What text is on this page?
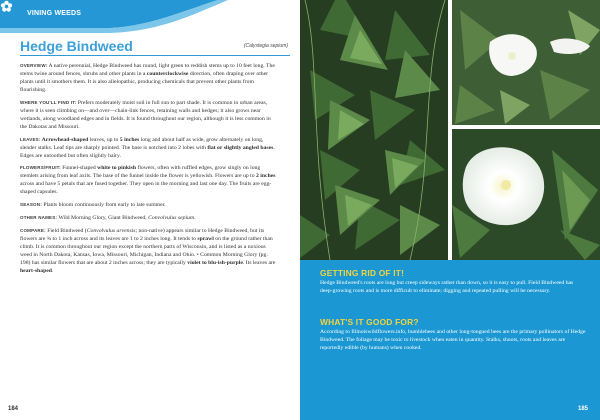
VINING WEEDS
Hedge Bindweed	(Calystegia sepium)

OVERVIEW: A native perennial, Hedge Bindweed has round, light green to reddish stems up to 10 feet long. The stems twine around fences, shrubs and other plants in a counterclockwise direction, often draping over other plants until it smothers them. It is also allelopathic, producing chemicals that prevent other plants from flourishing.

WHERE YOU'LL FIND IT: Prefers moderately moist soil in full sun to part shade. It is common in urban areas, where it is seen climbing on—and over—chain-link fences, retaining walls and hedges; it also grows near wetlands, along woodland edges and in fields. It is found throughout our region, although it is less common in the Dakotas and Missouri.

LEAVES: Arrowhead-shaped leaves, up to 5 inches long and about half as wide, grow alternately on long, slender stalks. Leaf tips are sharply pointed. The base is notched into 2 lobes with flat or slightly angled bases. Edges are untoothed but often slightly hairy.

FLOWERS/FRUIT: Funnel-shaped white to pinkish flowers, often with ruffled edges, grow singly on long stemlets arising from leaf axils. The base of the funnel inside the flower is yellowish. Flowers are up to 2 inches across and have 5 petals that are fused together. They open in the morning and last one day. The fruits are egg-shaped capsules.

SEASON: Plants bloom continuously from early to late summer.

OTHER NAMES: Wild Morning Glory, Giant Bindweed, Convolvulus sepium.

COMPARE: Field Bindweed (Convolvulus arvensis; non-native) appears similar to Hedge Bindweed, but its flowers are ¾ to 1 inch across and its leaves are 1 to 2 inches long. It tends to sprawl on the ground rather than climb. It is common throughout our region except the northern parts of Wisconsin, and is listed as a noxious weed in North Dakota, Kansas, Iowa, Missouri, Michigan, Indiana and Ohio. • Common Morning Glory (pg. 198) has similar flowers that are about 2 inches across; they are typically violet to blu-ish-purple. Its leaves are heart-shaped.

184
GETTING RID OF IT!

Hedge Bindweed's roots are long but creep sideways rather than down, so it is easy to pull. Field Bindweed has deep-growing roots and is more difficult to eliminate; digging and repeated pulling will be necessary.

WHAT'S IT GOOD FOR?

According to Illinoiswildflowers.info, bumblebees and other long-tongued bees are the primary pollinators of Hedge Bindweed. The foliage may be toxic to livestock when eaten in quantity. Stalks, shoots, roots and leaves are reportedly edible (by humans) when cooked.

185
